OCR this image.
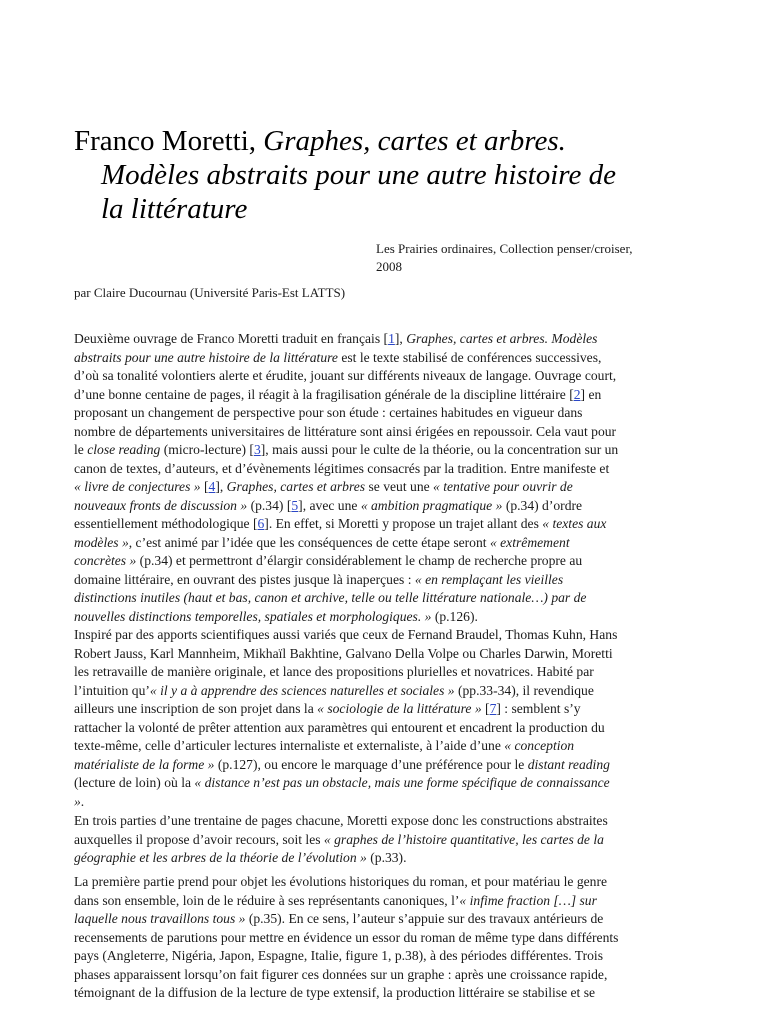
Franco Moretti, Graphes, cartes et arbres.
Modèles abstraits pour une autre histoire de
la littérature
Les Prairies ordinaires, Collection penser/croiser,
2008
par Claire Ducournau (Université Paris-Est LATTS)
Deuxième ouvrage de Franco Moretti traduit en français [1], Graphes, cartes et arbres. Modèles
abstraits pour une autre histoire de la littérature est le texte stabilisé de conférences successives,
d’où sa tonalité volontiers alerte et érudite, jouant sur différents niveaux de langage. Ouvrage court,
d’une bonne centaine de pages, il réagit à la fragilisation générale de la discipline littéraire [2] en
proposant un changement de perspective pour son étude : certaines habitudes en vigueur dans
nombre de départements universitaires de littérature sont ainsi érigées en repoussoir. Cela vaut pour
le close reading (micro-lecture) [3], mais aussi pour le culte de la théorie, ou la concentration sur un
canon de textes, d’auteurs, et d’évènements légitimes consacrés par la tradition. Entre manifeste et
« livre de conjectures » [4], Graphes, cartes et arbres se veut une « tentative pour ouvrir de
nouveaux fronts de discussion » (p.34) [5], avec une « ambition pragmatique » (p.34) d’ordre
essentiellement méthodologique [6]. En effet, si Moretti y propose un trajet allant des « textes aux
modèles », c’est animé par l’idée que les conséquences de cette étape seront « extrêmement
concrètes » (p.34) et permettront d’élargir considérablement le champ de recherche propre au
domaine littéraire, en ouvrant des pistes jusque là inaperçues : « en remplaçant les vieilles
distinctions inutiles (haut et bas, canon et archive, telle ou telle littérature nationale…) par de
nouvelles distinctions temporelles, spatiales et morphologiques. » (p.126).
Inspiré par des apports scientifiques aussi variés que ceux de Fernand Braudel, Thomas Kuhn, Hans
Robert Jauss, Karl Mannheim, Mikhaïl Bakhtine, Galvano Della Volpe ou Charles Darwin, Moretti
les retravaille de manière originale, et lance des propositions plurielles et novatrices. Habité par
l’intuition qu’« il y a à apprendre des sciences naturelles et sociales » (pp.33-34), il revendique
ailleurs une inscription de son projet dans la « sociologie de la littérature » [7] : semblent s’y
rattacher la volonté de prêter attention aux paramètres qui entourent et encadrent la production du
texte-même, celle d’articuler lectures internaliste et externaliste, à l’aide d’une « conception
matérialiste de la forme » (p.127), ou encore le marquage d’une préférence pour le distant reading
(lecture de loin) où la « distance n’est pas un obstacle, mais une forme spécifique de connaissance
».
En trois parties d’une trentaine de pages chacune, Moretti expose donc les constructions abstraites
auxquelles il propose d’avoir recours, soit les « graphes de l’histoire quantitative, les cartes de la
géographie et les arbres de la théorie de l’évolution » (p.33).
La première partie prend pour objet les évolutions historiques du roman, et pour matériau le genre
dans son ensemble, loin de le réduire à ses représentants canoniques, l’« infime fraction […] sur
laquelle nous travaillons tous » (p.35). En ce sens, l’auteur s’appuie sur des travaux antérieurs de
recensements de parutions pour mettre en évidence un essor du roman de même type dans différents
pays (Angleterre, Nigéria, Japon, Espagne, Italie, figure 1, p.38), à des périodes différentes. Trois
phases apparaissent lorsqu’on fait figurer ces données sur un graphe : après une croissance rapide,
témoignant de la diffusion de la lecture de type extensif, la production littéraire se stabilise et se
